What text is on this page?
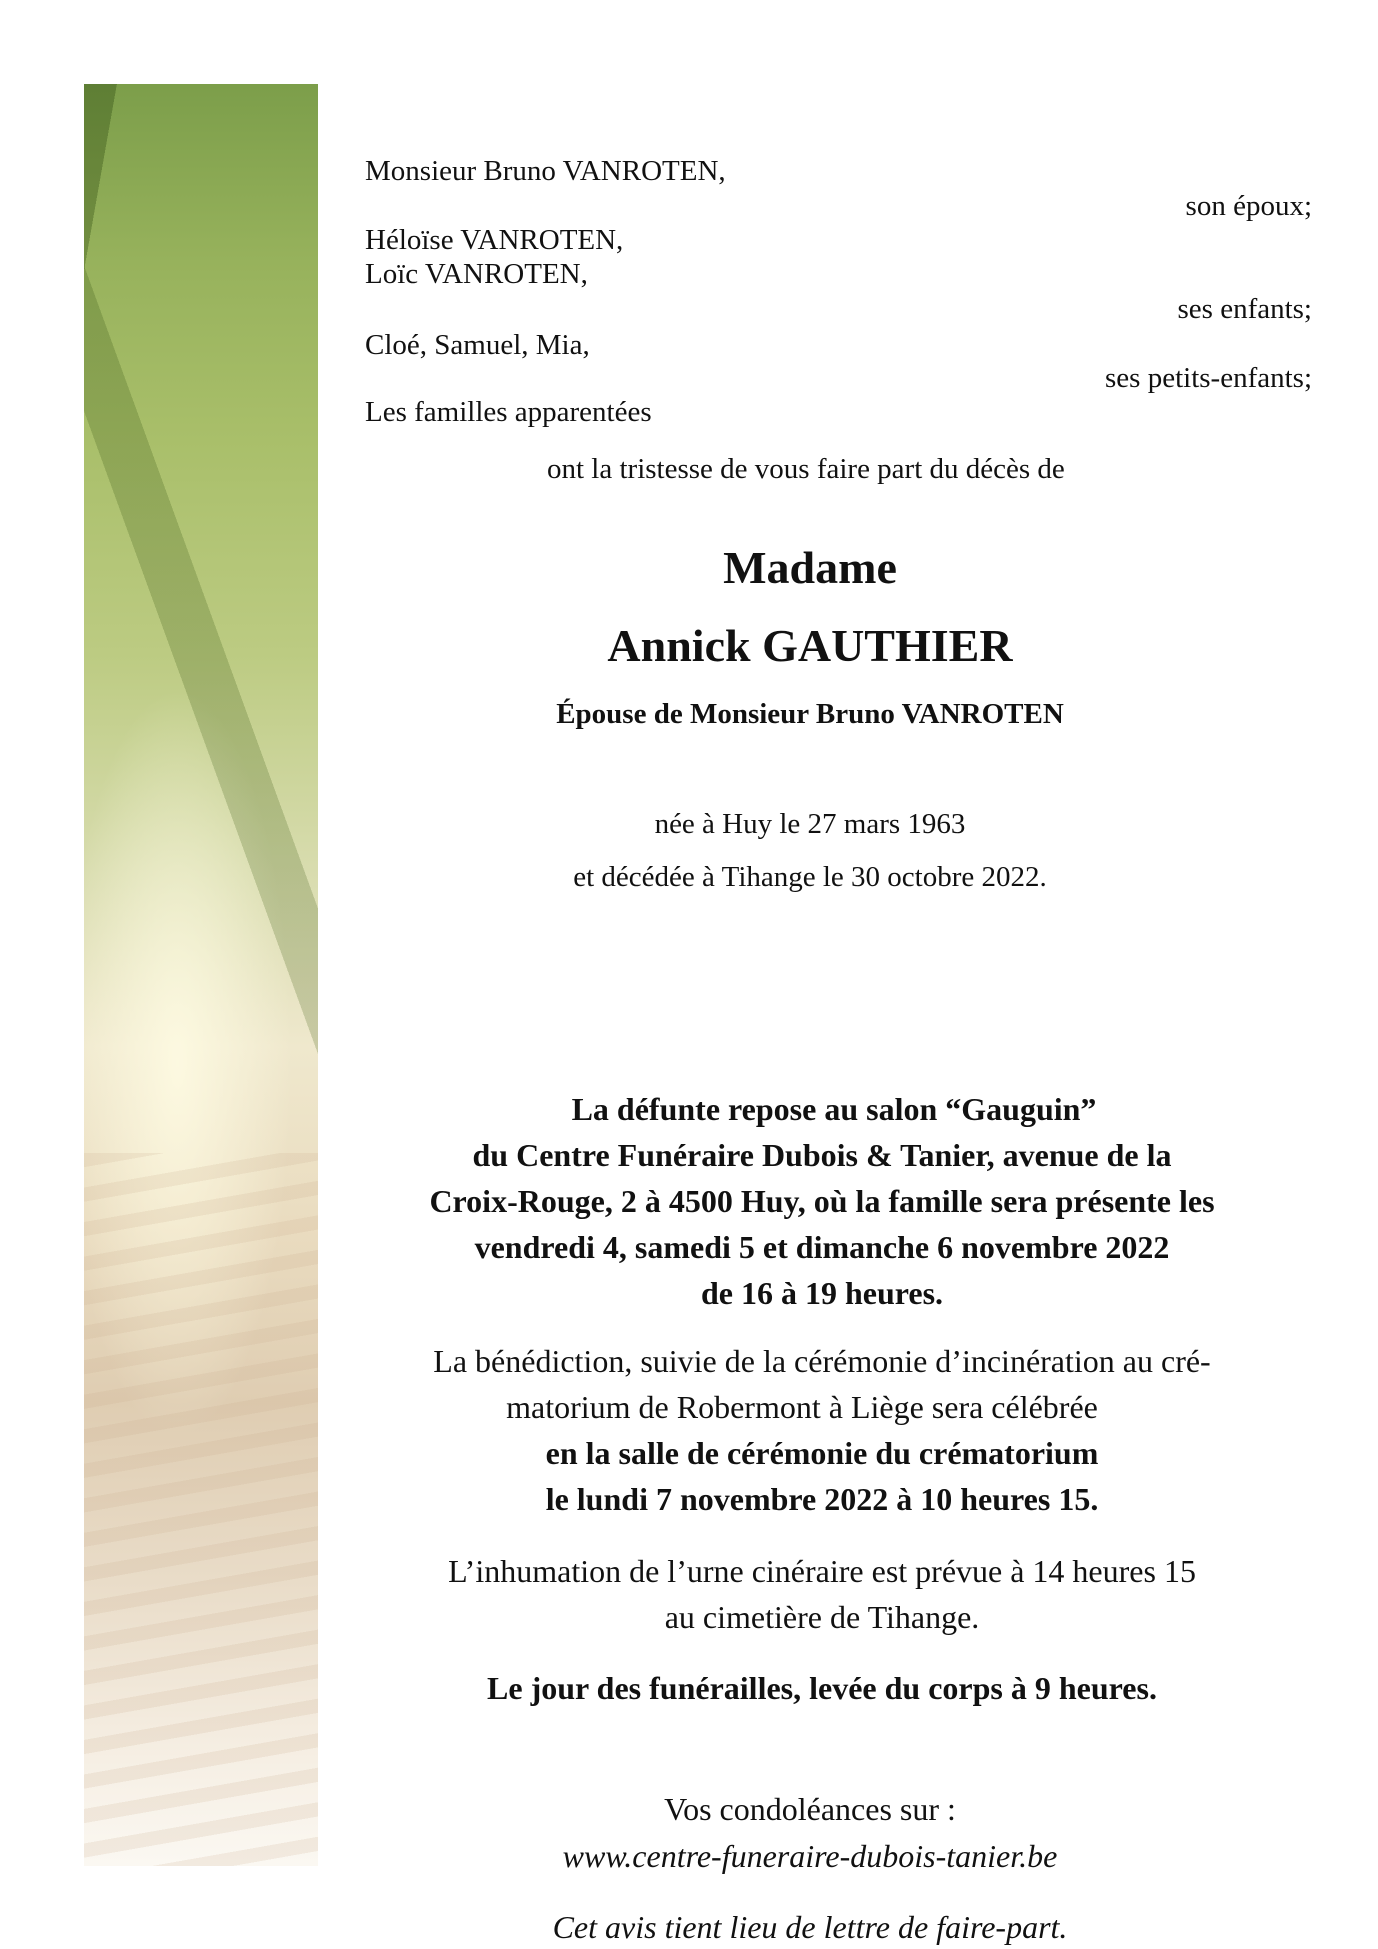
Monsieur Bruno VANROTEN,
son époux;
Héloïse VANROTEN,
Loïc VANROTEN,
ses enfants;
Cloé, Samuel, Mia,
ses petits-enfants;
Les familles apparentées
ont la tristesse de vous faire part du décès de
Madame
Annick GAUTHIER
Épouse de Monsieur Bruno VANROTEN
née à Huy le 27 mars 1963
et décédée à Tihange le 30 octobre 2022.
La défunte repose au salon “Gauguin”
du Centre Funéraire Dubois & Tanier, avenue de la
Croix-Rouge, 2 à 4500 Huy, où la famille sera présente les
vendredi 4, samedi 5 et dimanche 6 novembre 2022
de 16 à 19 heures.
La bénédiction, suivie de la cérémonie d’incinération au cré-
matorium de Robermont à Liège sera célébrée
en la salle de cérémonie du crématorium
le lundi 7 novembre 2022 à 10 heures 15.
L’inhumation de l’urne cinéraire est prévue à 14 heures 15
au cimetière de Tihange.
Le jour des funérailles, levée du corps à 9 heures.
Vos condoléances sur :
www.centre-funeraire-dubois-tanier.be
Cet avis tient lieu de lettre de faire-part.
